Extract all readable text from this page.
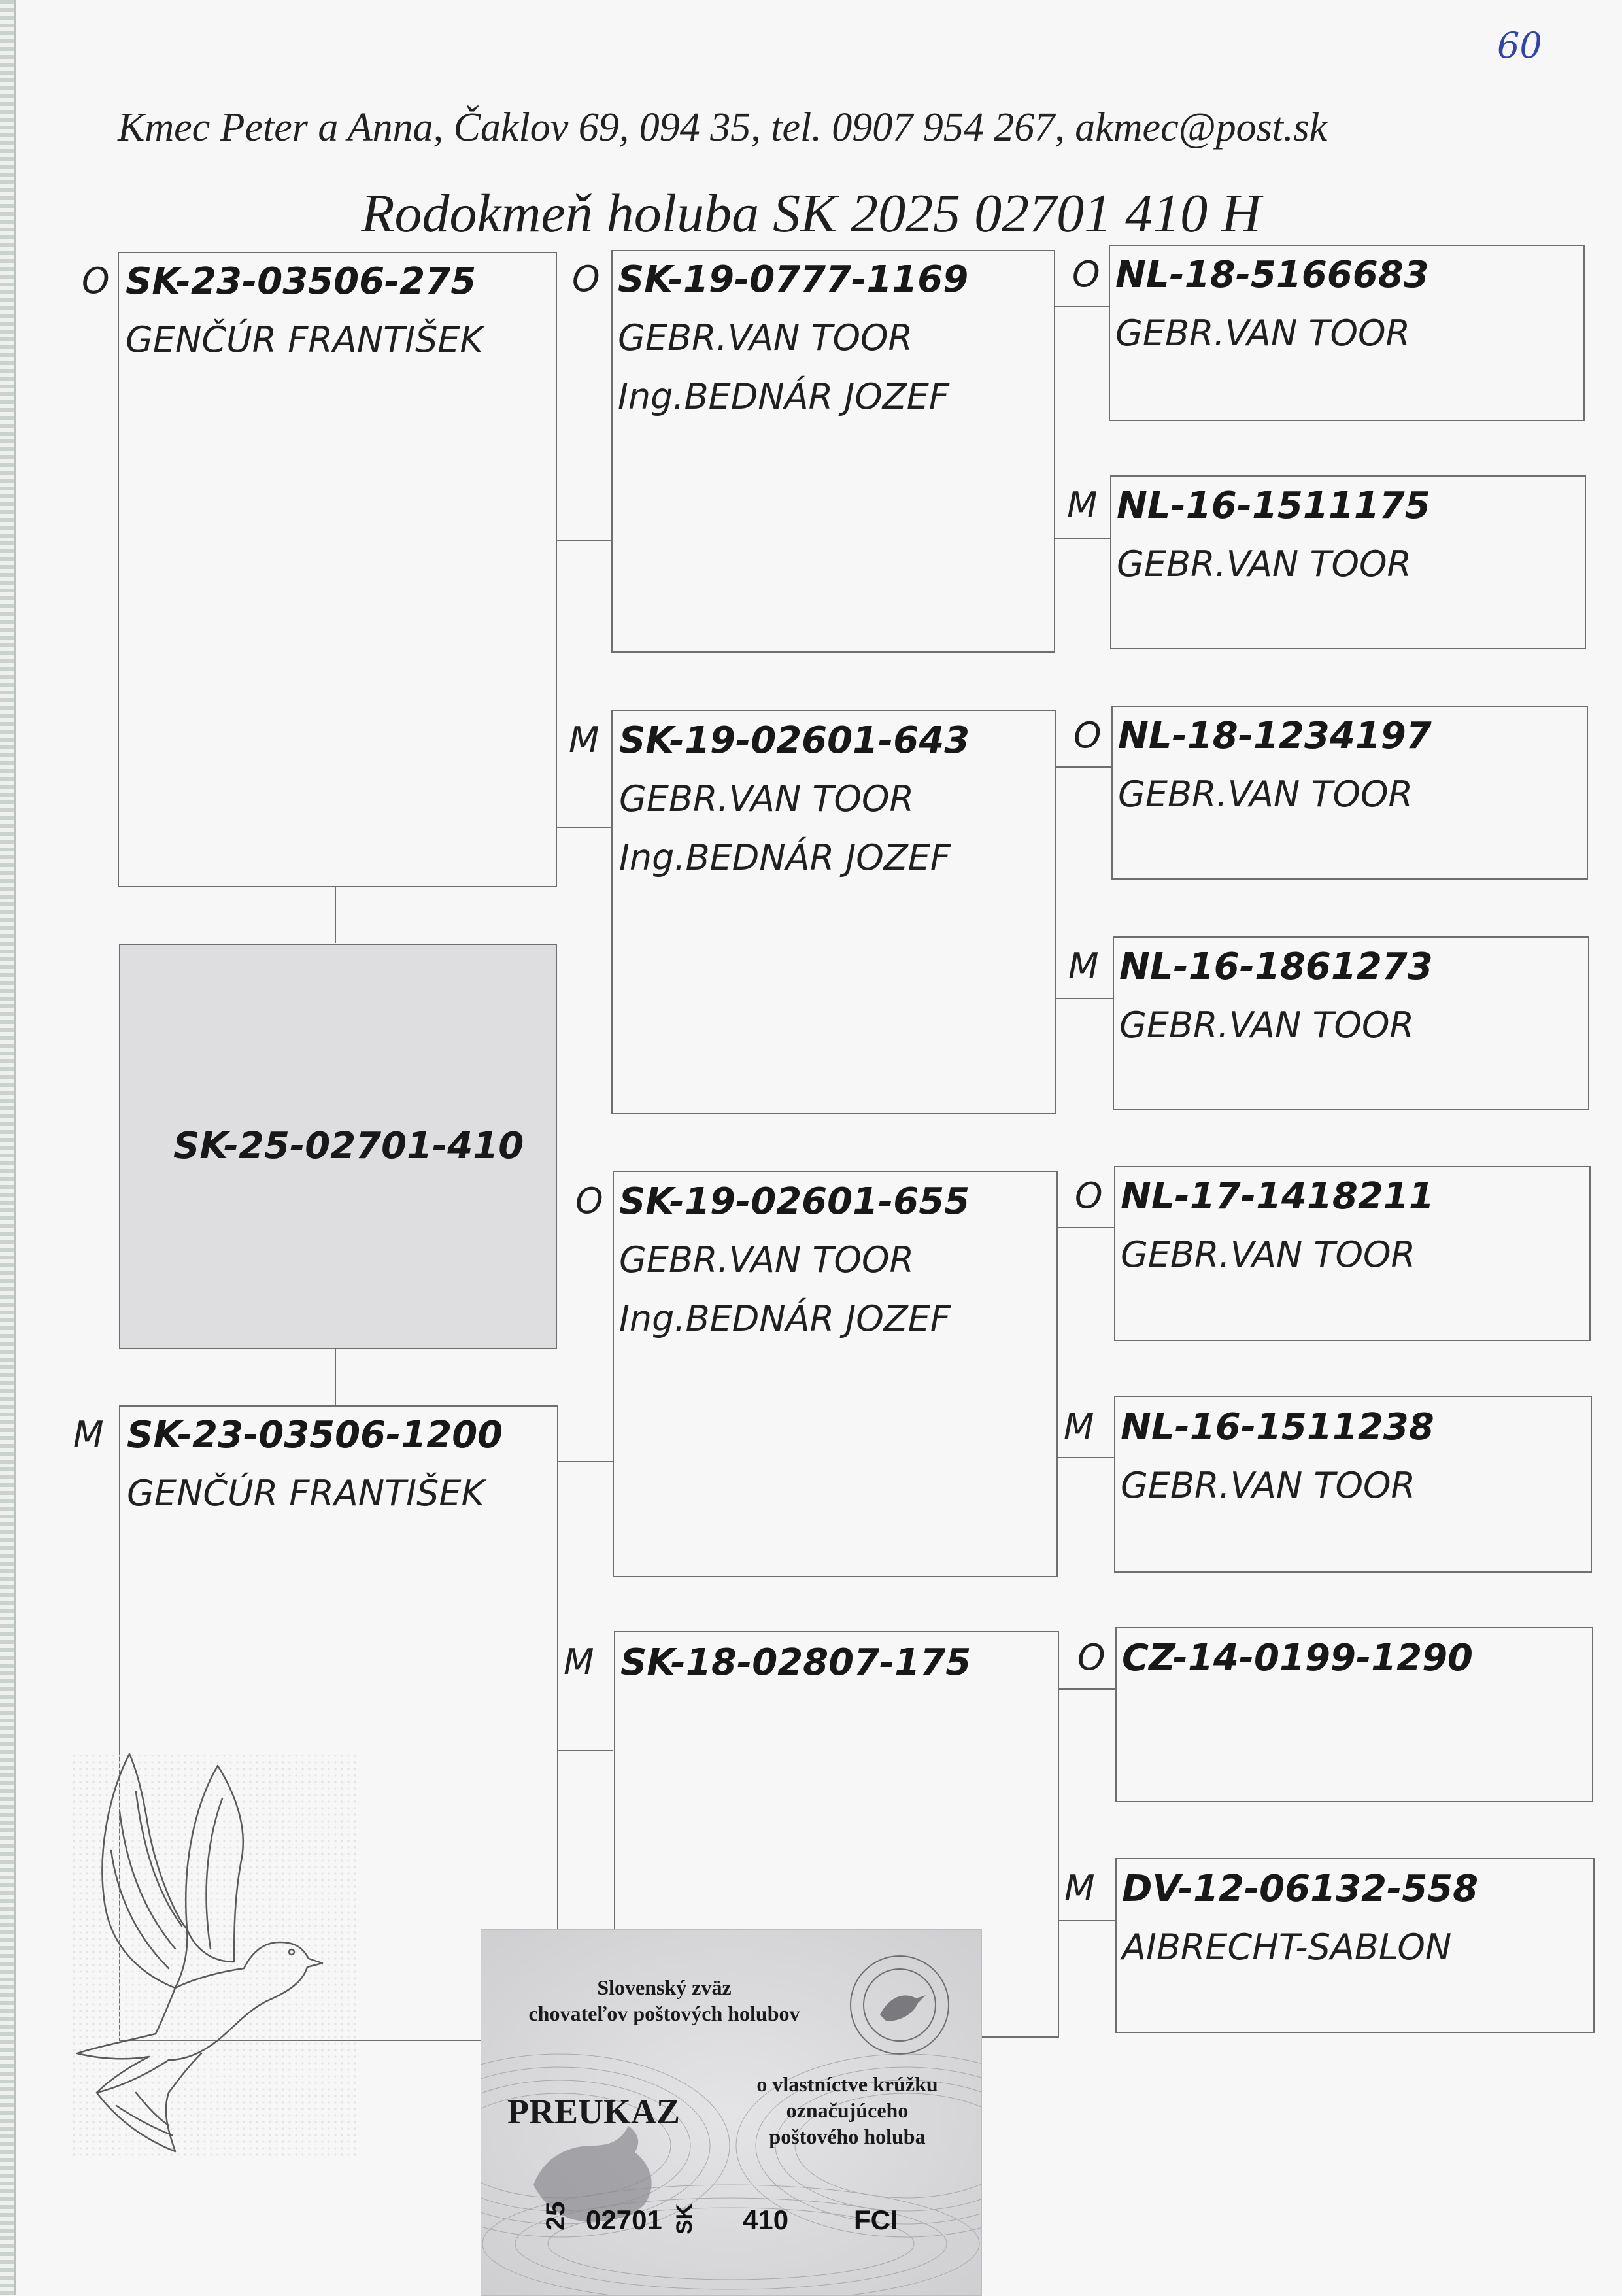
60
Kmec Peter a Anna, Čaklov 69, 094 35, tel. 0907 954 267, akmec@post.sk
Rodokmeň holuba SK 2025 02701 410 H
O SK-23-03506-275
GENČÚR FRANTIŠEK
SK-25-02701-410
M SK-23-03506-1200
GENČÚR FRANTIŠEK
O SK-19-0777-1169
GEBR.VAN TOOR
Ing.BEDNÁR JOZEF
M SK-19-02601-643
GEBR.VAN TOOR
Ing.BEDNÁR JOZEF
O SK-19-02601-655
GEBR.VAN TOOR
Ing.BEDNÁR JOZEF
M SK-18-02807-175
O NL-18-5166683
GEBR.VAN TOOR
M NL-16-1511175
GEBR.VAN TOOR
O NL-18-1234197
GEBR.VAN TOOR
M NL-16-1861273
GEBR.VAN TOOR
O NL-17-1418211
GEBR.VAN TOOR
M NL-16-1511238
GEBR.VAN TOOR
O CZ-14-0199-1290
M DV-12-06132-558
AIBRECHT-SABLON
Slovenský zväz
chovateľov poštových holubov
PREUKAZ
o vlastníctve krúžku
označujúceho
poštového holuba
25 02701 SK 410 FCI
